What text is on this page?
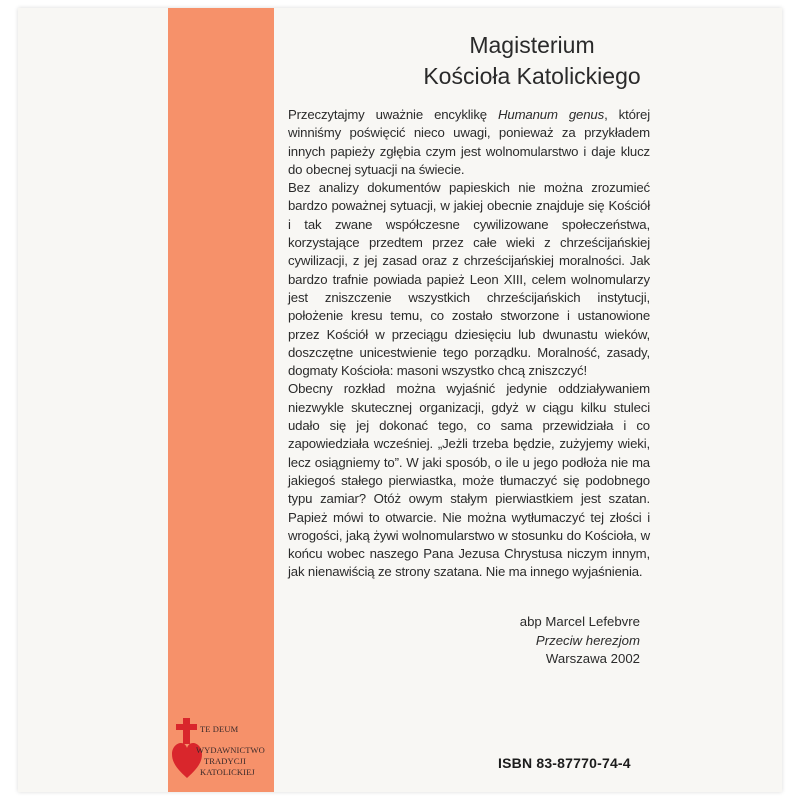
Magisterium
Kościoła Katolickiego

Przeczytajmy uważnie encyklikę Humanum genus, której winniśmy poświęcić nieco uwagi, ponieważ za przykładem innych papieży zgłębia czym jest wolnomularstwo i daje klucz do obecnej sytuacji na świecie.

Bez analizy dokumentów papieskich nie można zrozumieć bardzo poważnej sytuacji, w jakiej obecnie znajduje się Kościół i tak zwane współczesne cywilizowane społeczeństwa, korzystające przedtem przez całe wieki z chrześcijańskiej cywilizacji, z jej zasad oraz z chrześcijańskiej moralności. Jak bardzo trafnie powiada papież Leon XIII, celem wolnomularzy jest zniszczenie wszystkich chrześcijańskich instytucji, położenie kresu temu, co zostało stworzone i ustanowione przez Kościół w przeciągu dziesięciu lub dwunastu wieków, doszczętne unicestwienie tego porządku. Moralność, zasady, dogmaty Kościoła: masoni wszystko chcą zniszczyć!

Obecny rozkład można wyjaśnić jedynie oddziaływaniem niezwykle skutecznej organizacji, gdyż w ciągu kilku stuleci udało się jej dokonać tego, co sama przewidziała i co zapowiedziała wcześniej. „Jeżli trzeba będzie, zużyjemy wieki, lecz osiągniemy to”. W jaki sposób, o ile u jego podłoża nie ma jakiegoś stałego pierwiastka, może tłumaczyć się podobnego typu zamiar? Otóż owym stałym pierwiastkiem jest szatan. Papież mówi to otwarcie. Nie można wytłumaczyć tej złości i wrogości, jaką żywi wolnomularstwo w stosunku do Kościoła, w końcu wobec naszego Pana Jezusa Chrystusa niczym innym, jak nienawiścią ze strony szatana. Nie ma innego wyjaśnienia.

abp Marcel Lefebvre
Przeciw herezjom
Warszawa 2002
TE DEUM
WYDAWNICTWO
TRADYCJI
KATOLICKIEJ
ISBN 83-87770-74-4
